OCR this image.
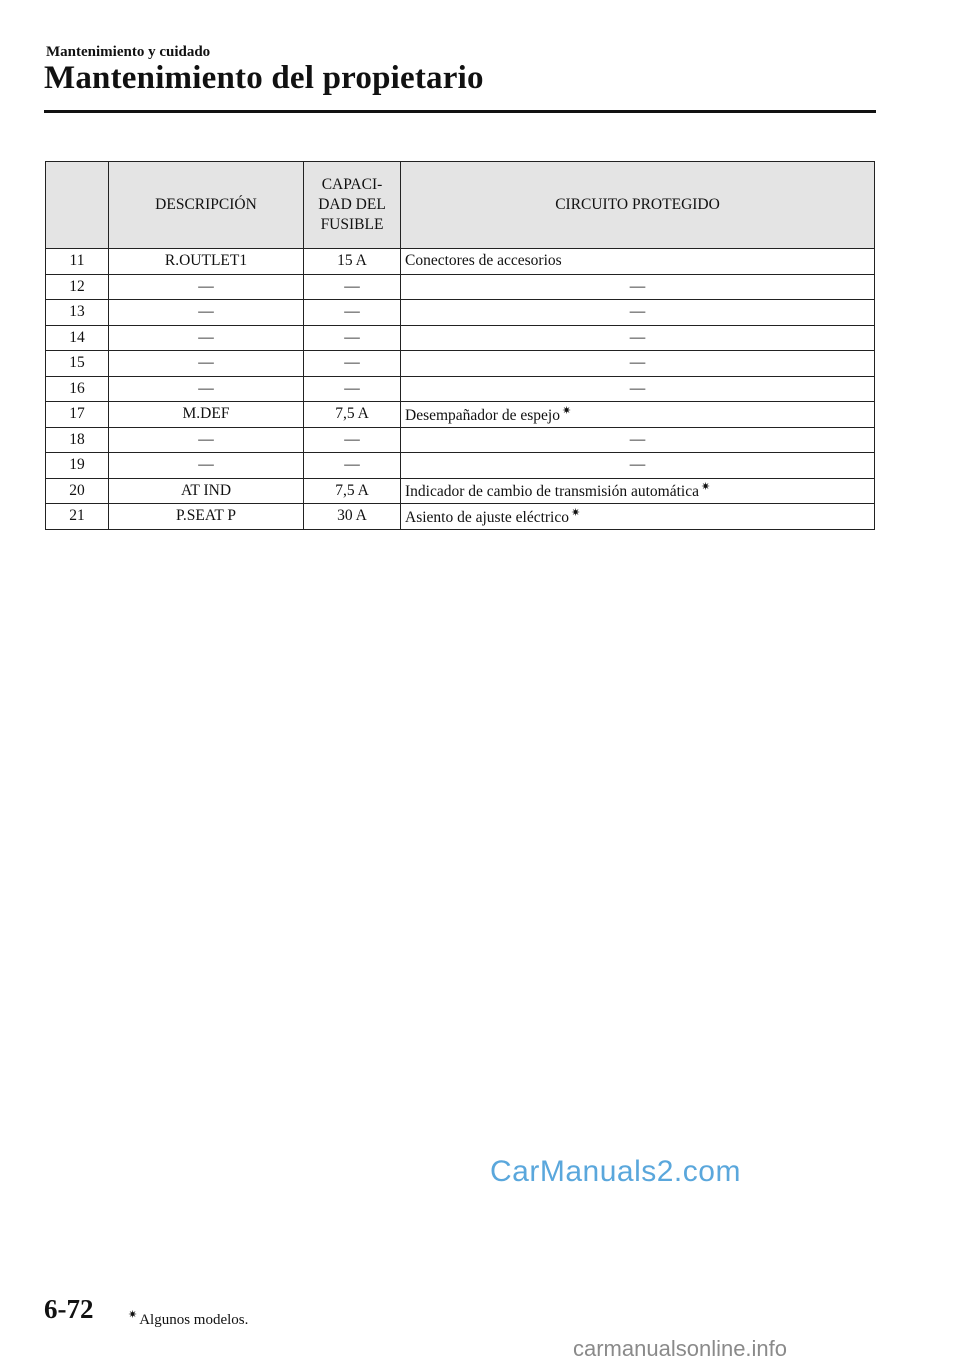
Mantenimiento y cuidado
Mantenimiento del propietario
	DESCRIPCIÓN	CAPACI-
DAD DEL
FUSIBLE	CIRCUITO PROTEGIDO
11	R.OUTLET1	15 A	Conectores de accesorios
12	—	—	—
13	—	—	—
14	—	—	—
15	—	—	—
16	—	—	—
17	M.DEF	7,5 A	Desempañador de espejo ✷
18	—	—	—
19	—	—	—
20	AT IND	7,5 A	Indicador de cambio de transmisión automática ✷
21	P.SEAT P	30 A	Asiento de ajuste eléctrico ✷
CarManuals2.com
6-72	✷ Algunos modelos.
carmanualsonline.info
